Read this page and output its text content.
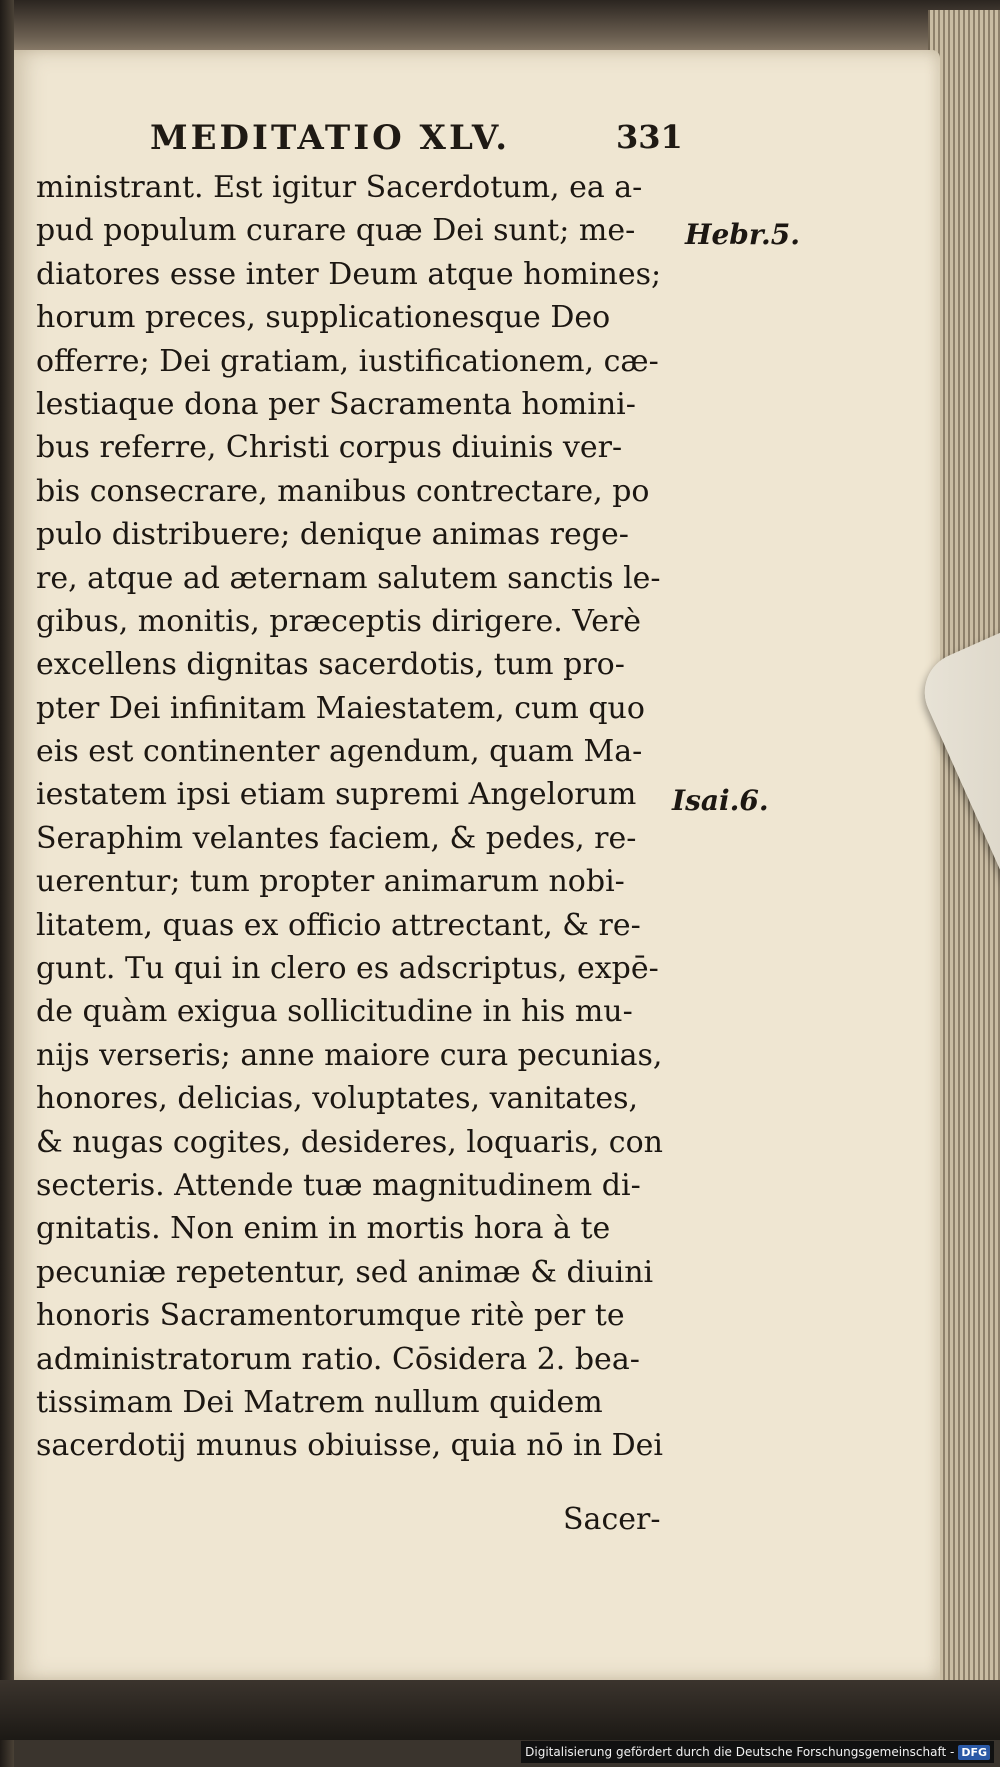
MEDITATIO XLV.	331
ministrant. Est igitur Sacerdotum, ea a-
pud populum curare quæ Dei sunt; me-
diatores esse inter Deum atque homines;
horum preces, supplicationesque Deo
offerre; Dei gratiam, iustificationem, cæ-
lestiaque dona per Sacramenta homini-
bus referre, Christi corpus diuinis ver-
bis consecrare, manibus contrectare, po
pulo distribuere; denique animas rege-
re, atque ad æternam salutem sanctis le-
gibus, monitis, præceptis dirigere. Verè
excellens dignitas sacerdotis, tum pro-
pter Dei infinitam Maiestatem, cum quo
eis est continenter agendum, quam Ma-
iestatem ipsi etiam supremi Angelorum
Seraphim velantes faciem, & pedes, re-
uerentur; tum propter animarum nobi-
litatem, quas ex officio attrectant, & re-
gunt. Tu qui in clero es adscriptus, expē-
de quàm exigua sollicitudine in his mu-
nijs verseris; anne maiore cura pecunias,
honores, delicias, voluptates, vanitates,
& nugas cogites, desideres, loquaris, con
secteris. Attende tuæ magnitudinem di-
gnitatis. Non enim in mortis hora à te
pecuniæ repetentur, sed animæ & diuini
honoris Sacramentorumque ritè per te
administratorum ratio. Cōsidera 2. bea-
tissimam Dei Matrem nullum quidem
sacerdotij munus obiuisse, quia nō in Dei
Sacer-
Hebr.5.
Isai.6.
Digitalisierung gefördert durch die Deutsche Forschungsgemeinschaft - DFG
